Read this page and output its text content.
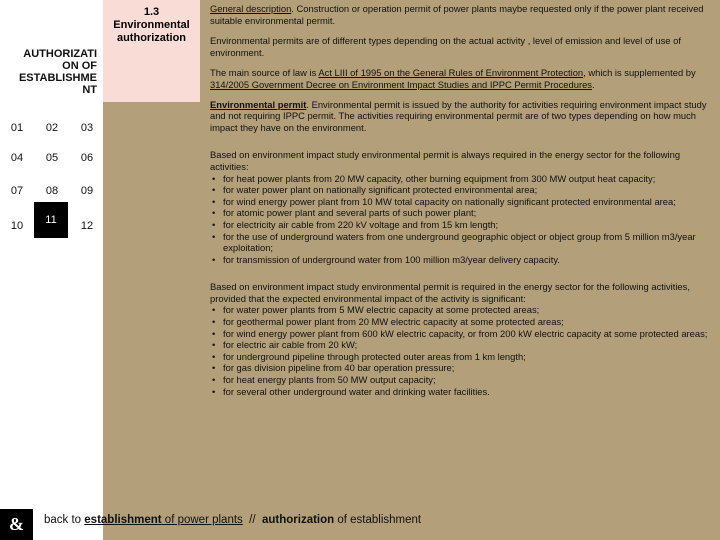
1.3 Environmental authorization
AUTHORIZATI
ON OF
ESTABLISHME
NT
01	02	03
04	05	06
07	08	09
10	11	12

General description. Construction or operation permit of power plants maybe requested only if the power plant received suitable environmental permit.

Environmental permits are of different types depending on the actual activity , level of emission and level of use of environment.

The main source of law is Act LIII of 1995 on the General Rules of Environment Protection, which is supplemented by 314/2005 Government Decree on Environment Impact Studies and IPPC Permit Procedures.

Environmental permit. Environmental permit is issued by the authority for activities requiring environment impact study and not requiring IPPC permit. The activities requiring environmental permit are of two types depending on how much impact they have on the environment.

Based on environment impact study environmental permit is always required in the energy sector for the following activities:
• for heat power plants from 20 MW capacity, other burning equipment from 300 MW output heat capacity;
• for water power plant on nationally significant protected environmental area;
• for wind energy power plant from 10 MW total capacity on nationally significant protected environmental area;
• for atomic power plant and several parts of such power plant;
• for electricity air cable from 220 kV voltage and from 15 km length;
• for the use of underground waters from one underground geographic object or object group from 5 million m3/year exploitation;
• for transmission of underground water from 100 million m3/year delivery capacity.
Based on environment impact study environmental permit is required in the energy sector for the following activities, provided that the expected environmental impact of the activity is significant:
• for water power plants from 5 MW electric capacity at some protected areas;
• for geothermal power plant from 20 MW electric capacity at some protected areas;
• for wind energy power plant from 600 kW electric capacity, or from 200 kW electric capacity at some protected areas;
• for electric air cable from 20 kW;
• for underground pipeline through protected outer areas from 1 km length;
• for gas division pipeline from 40 bar operation pressure;
• for heat energy plants from 50 MW output capacity;
• for several other underground water and drinking water facilities.
&	back to establishment of power plants  //  authorization of establishment
